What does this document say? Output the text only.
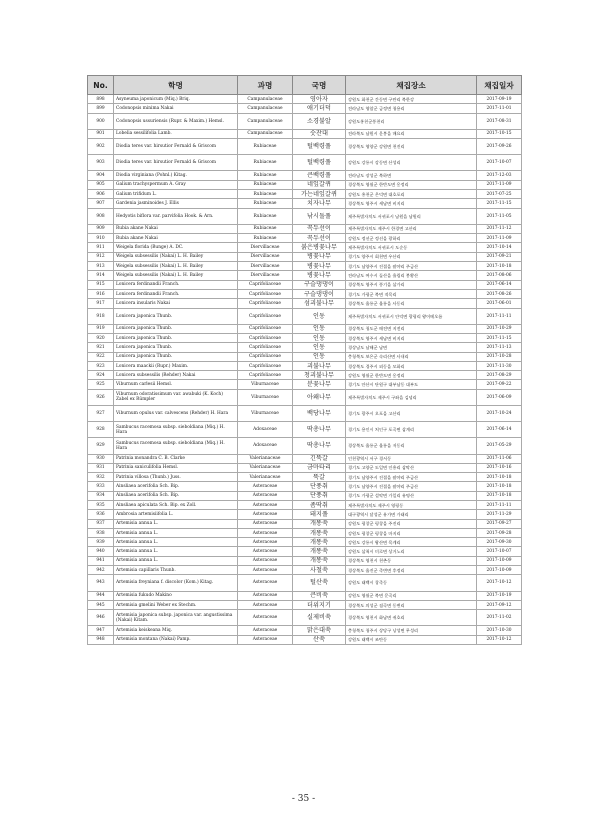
No.	학명	과명	국명	채집장소	채집일자
898	Asyneuma japonicum (Miq.) Briq.	Campanulaceae	영아자	강원도 화천군 간동면 구만리 북한강	2017-09-19
899	Codonopsis minima Nakai	Campanulaceae	애기더덕	전라남도 영암군 금정면 청용리	2017-11-01
900	Codonopsis ussuriensis (Rupr. & Maxim.) Hemsl.	Campanulaceae	소경불알	강원도홍천군풍천리	2017-08-31
901	Lobelia sessilifolia Lamb.	Campanulaceae	숫잔대	전라북도 남원시 운봉읍 매요리	2017-10-15
902	Diodia teres var. hirsutior Fernald & Griscom	Rubiaceae	털백령풀	경상북도 영양군 강원면 천진리	2017-09-26
903	Diodia teres var. hirsutior Fernald & Griscom	Rubiaceae	털백령풀	강원도 강릉시 강동면 산성리	2017-10-07
904	Diodia virginiana (Pohnl.) Kitag.	Rubiaceae	큰백령풀	전라남도 장성군 북하면	2017-12-03
905	Galium trachyspermum A. Gray	Rubiaceae	네잎갈퀴	경상북도 영월군 한반도면 옹정리	2017-11-09
906	Galium trifidum L.	Rubiaceae	가는네잎갈퀴	강원도 홍천군 은덕면 대호포리	2017-07-25
907	Gardenia jasminoides J. Ellis	Rubiaceae	치자나무	경상북도 영주시 세남면 비지리	2017-11-15
908	Hedyotis biflora var. parvifolia Hook. & Arn.	Rubiaceae	낚시돌풀	제주특별자치도 서귀포시 남원읍 남원리	2017-11-05
909	Rubia akane Nakai	Rubiaceae	꼭두선이	제주특별자치도 제주시 한경면 고산리	2017-11-12
910	Rubia akane Nakai	Rubiaceae	꼭두선이	강원도 정선군 정선읍 광하리	2017-11-09
911	Weigela florida (Bunge) A. DC.	Diervillaceae	붉은병꽃나무	제주특별자치도 서귀포시 도순동	2017-10-14
912	Weigela subsessilis (Nakai) L. H. Bailey	Diervillaceae	병꽃나무	경기도 양주시 회천면 우산리	2017-09-21
913	Weigela subsessilis (Nakai) L. H. Bailey	Diervillaceae	병꽃나무	경기도 남양주시 진접읍 팔야리 주금산	2017-10-18
914	Weigela subsessilis (Nakai) L. H. Bailey	Diervillaceae	병꽃나무	전라남도 여수시 돌산읍 율림리 봉황산	2017-08-06
915	Lonicera ferdinandii Franch.	Caprifoliaceae	구슬댕댕이	경상북도 영주시 풍기읍 삼가리	2017-06-14
916	Lonicera ferdinandii Franch.	Caprifoliaceae	구슬댕댕이	경기도 가평군 북면 적목리	2017-08-26
917	Lonicera insularis Nakai	Caprifoliaceae	섬괴불나무	경상북도 울릉군 울릉읍 사동리	2017-06-01
918	Lonicera japonica Thunb.	Caprifoliaceae	인동	제주특별자치도 서귀포시 안덕면 광평리 왕이메오름	2017-11-11
919	Lonicera japonica Thunb.	Caprifoliaceae	인동	경상북도 청도군 매전면 지전리	2017-10-29
920	Lonicera japonica Thunb.	Caprifoliaceae	인동	경상북도 영주시 세남면 비지리	2017-11-15
921	Lonicera japonica Thunb.	Caprifoliaceae	인동	경상남도 남해군 남면	2017-11-13
922	Lonicera japonica Thunb.	Caprifoliaceae	인동	충청북도 보은군 속리산면 사내리	2017-10-28
923	Lonicera maackii (Rupr.) Maxim.	Caprifoliaceae	괴불나무	경상북도 경주시 외동읍 모화리	2017-11-30
924	Lonicera subsessilis (Rehder) Nakai	Caprifoliaceae	청괴불나무	강원도 영월군 한반도면 옹정리	2017-08-29
925	Viburnum carlesii Hemsl.	Viburnaceae	분꽃나무	경기도 안산시 단원구 대부남동 대부도	2017-09-22
926	Viburnum odoratissimum var. awabuki (K. Koch) Zabel ex Rümpler	Viburnaceae	아왜나무	제주특별자치도 제주시 구좌읍 김녕리	2017-06-09
927	Viburnum opulus var. calvescens (Rehder) H. Hara	Viburnaceae	백당나무	경기도 광주시 오포읍 고산리	2017-10-24
928	Sambucus racemosa subsp. sieboldiana (Miq.) H. Hara	Adoxaceae	딱총나무	경기도 용인시 처인구 포곡면 삼계리	2017-06-14
929	Sambucus racemosa subsp. sieboldiana (Miq.) H. Hara	Adoxaceae	딱총나무	경상북도 울릉군 울릉읍 저동리	2017-05-29
930	Patrinia monandra C. B. Clarke	Valerianaceae	긴뚝갈	인천광역시 서구 경서동	2017-11-06
931	Patrinia saniculifolia Hemsl.	Valerianaceae	금마타리	경기도 고양군 도일면 인흥리 삼막산	2017-10-16
932	Patrinia villosa (Thunb.) Juss.	Valerianaceae	뚝갈	경기도 남양주시 진접읍 팔야리 주금산	2017-10-18
933	Ainsliaea acerifolia Sch. Bip.	Asteraceae	단풍취	경기도 남양주시 진접읍 팔야리 주금산	2017-10-18
934	Ainsliaea acerifolia Sch. Bip.	Asteraceae	단풍취	경기도 가평군 설악면 가일리 유명산	2017-10-18
935	Ainsliaea apiculata Sch. Bip. ex Zoll.	Asteraceae	좀딱취	제주특별자치도 제주시 영평동	2017-11-11
936	Ambrosia artemisiifolia L.	Asteraceae	돼지풀	대구광역시 달성군 유가면 가태리	2017-11-29
937	Artemisia annua L.	Asteraceae	개똥쑥	강원도 평창군 평창읍 주진리	2017-09-27
938	Artemisia annua L.	Asteraceae	개똥쑥	강원도 평창군 평창읍 마지리	2017-09-28
939	Artemisia annua L.	Asteraceae	개똥쑥	강원도 강릉시 왕산면 목계리	2017-09-30
940	Artemisia annua L.	Asteraceae	개똥쑥	강원도 삼척시 미로면 상거노리	2017-10-07
941	Artemisia annua L.	Asteraceae	개똥쑥	경상북도 영천시 천촌동	2017-10-09
942	Artemisia capillaris Thunb.	Asteraceae	사철쑥	경상북도 울진군 죽변면 후정리	2017-10-09
943	Artemisia freyniana f. discolor (Kom.) Kitag.	Asteraceae	털산쑥	강원도 태백시 창죽동	2017-10-12
944	Artemisia fukudo Makino	Asteraceae	큰비쑥	강원도 영월군 북면 문곡리	2017-10-19
945	Artemisia gmelini Weber ex Stechm.	Asteraceae	더위지기	경상북도 의성군 점곡면 동변리	2017-09-12
946	Artemisia japonica subsp. japonica var. angustissima (Nakai) Kitam.	Asteraceae	실제비쑥	경상북도 영천시 화남면 귀호리	2017-11-02
947	Artemisia keiskeana Miq.	Asteraceae	맑은대쑥	충청북도 청주시 상당구 낭성면 무성리	2017-10-30
948	Artemisia montana (Nakai) Pamp.	Asteraceae	산쑥	강원도 태백시 조탄동	2017-10-12
- 35 -
